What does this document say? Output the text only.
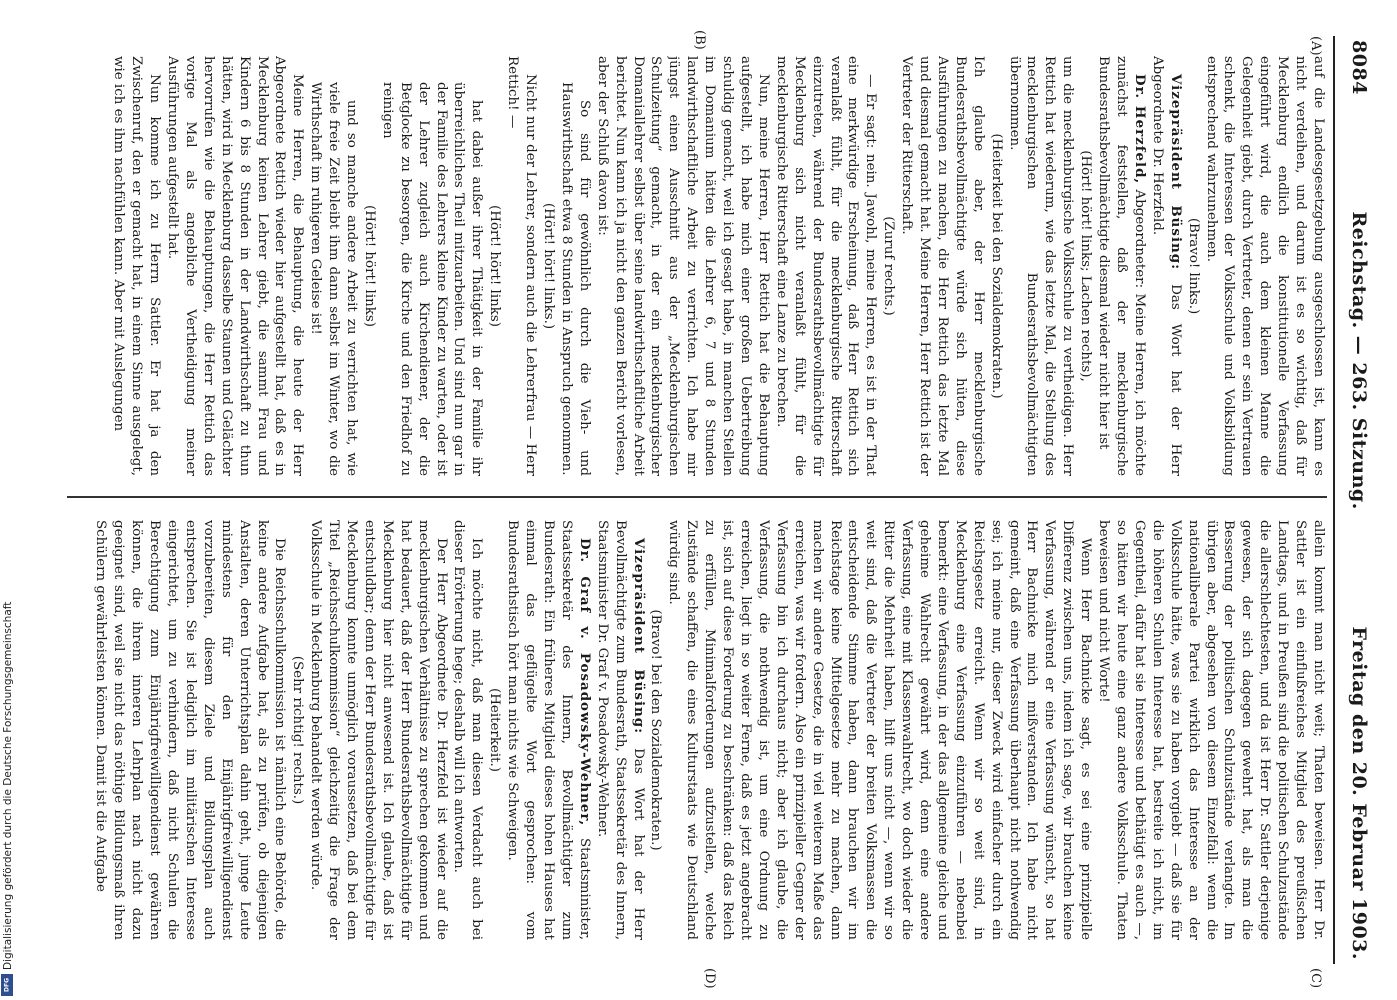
8084
Reichstag. — 263. Sitzung.
Freitag den 20. Februar 1903.
(A)
(B)
(C)
(D)

auf die Landesgesetzgebung ausgeschlossen ist, kann es nicht verdeihen, und darum ist es so wichtig, daß für Mecklenburg endlich die konstitutionelle Verfassung eingeführt wird, die auch dem kleinen Manne die Gelegenheit giebt, durch Vertreter, denen er sein Vertrauen schenkt, die Interessen der Volksschule und Volksbildung entsprechend wahrzunehmen.

(Bravo! links.)

Vizepräsident Büsing: Das Wort hat der Herr Abgeordnete Dr. Herzfeld.

Dr. Herzfeld, Abgeordneter: Meine Herren, ich möchte zunächst feststellen, daß der mecklenburgische Bundesrathsbevollmächtigte diesmal wieder nicht hier ist

(Hört! hört! links; Lachen rechts),

um die mecklenburgische Volksschule zu vertheidigen. Herr Rettich hat wiederum, wie das letzte Mal, die Stellung des mecklenburgischen Bundesrathsbevollmächtigten übernommen.

(Heiterkeit bei den Sozialdemokraten.)

Ich glaube aber, der Herr mecklenburgische Bundesrathsbevollmächtigte würde sich hüten, diese Ausführungen zu machen, die Herr Rettich das letzte Mal und diesmal gemacht hat. Meine Herren, Herr Rettich ist der Vertreter der Ritterschaft.

(Zuruf rechts.)

— Er sagt: nein. Jawohl, meine Herren, es ist in der That eine merkwürdige Erscheinung, daß Herr Rettich sich veranlaßt fühlt, für die mecklenburgische Ritterschaft einzutreten, während der Bundesrathsbevollmächtigte für Mecklenburg sich nicht veranlaßt fühlt, für die mecklenburgische Ritterschaft eine Lanze zu brechen.

Nun, meine Herren, Herr Rettich hat die Behauptung aufgestellt, ich habe mich einer großen Uebertreibung schuldig gemacht, weil ich gesagt habe, in manchen Stellen im Domanium hätten die Lehrer 6, 7 und 8 Stunden landwirthschaftliche Arbeit zu verrichten. Ich habe mir jüngst einen Ausschnitt aus der „Mecklenburgischen Schulzeitung“ gemacht, in der ein mecklenburgischer Domaniallehrer selbst über seine landwirthschaftliche Arbeit berichtet. Nun kann ich ja nicht den ganzen Bericht vorlesen, aber der Schluß davon ist:

So sind für gewöhnlich durch die Vieh- und Hauswirthschaft etwa 8 Stunden in Anspruch genommen.

(Hört! hört! links.)

Nicht nur der Lehrer, sondern auch die Lehrerfrau — Herr Rettich! —

(Hört! hört! links)

hat dabei außer ihrer Thätigkeit in der Familie ihr überreichliches Theil mitzuarbeiten. Und sind nun gar in der Familie des Lehrers kleine Kinder zu warten, oder ist der Lehrer zugleich auch Kirchendiener, der die Betglocke zu besorgen, die Kirche und den Friedhof zu reinigen

(Hört! hört! links)

und so manche andere Arbeit zu verrichten hat, wie viele freie Zeit bleibt ihm dann selbst im Winter, wo die Wirthschaft im ruhigeren Geleise ist!

Meine Herren, die Behauptung, die heute der Herr Abgeordnete Rettich wieder hier aufgestellt hat, daß es in Mecklenburg keinen Lehrer giebt, die sammt Frau und Kindern 6 bis 8 Stunden in der Landwirthschaft zu thun hätten, wird in Mecklenburg dasselbe Staunen und Gelächter hervorrufen wie die Behauptungen, die Herr Rettich das vorige Mal als angebliche Vertheidigung meiner Ausführungen aufgestellt hat.

Nun komme ich zu Herrn Sattler. Er hat ja den Zwischenruf, den er gemacht hat, in einem Sinne ausgelegt, wie ich es ihm nachfühlen kann. Aber mit Auslegungen

allein kommt man nicht weit; Thaten beweisen. Herr Dr. Sattler ist ein einflußreiches Mitglied des preußischen Landtags, und in Preußen sind die politischen Schulzustände die allerschlechtesten, und da ist Herr Dr. Sattler derjenige gewesen, der sich dagegen gewehrt hat, als man die Besserung der politischen Schulzustände verlangte. Im übrigen aber, abgesehen von diesem Einzelfall: wenn die nationalliberale Partei wirklich das Interesse an der Volksschule hätte, was sie zu haben vorgiebt — daß sie für die höheren Schulen Interesse hat, bestreite ich nicht, im Gegentheil, dafür hat sie Interesse und bethätigt es auch —, so hätten wir heute eine ganz andere Volksschule. Thaten beweisen und nicht Worte!

Wenn Herr Bachnicke sagt, es sei eine prinzipielle Differenz zwischen uns, indem ich sage, wir brauchen keine Verfassung, während er eine Verfassung wünscht, so hat Herr Bachnicke mich mißverstanden. Ich habe nicht gemeint, daß eine Verfassung überhaupt nicht nothwendig sei; ich meine nur, dieser Zweck wird einfacher durch ein Reichsgesetz erreicht. Wenn wir so weit sind, in Mecklenburg eine Verfassung einzuführen — nebenbei bemerkt: eine Verfassung, in der das allgemeine gleiche und geheime Wahlrecht gewährt wird, denn eine andere Verfassung, eine mit Klassenwahlrecht, wo doch wieder die Ritter die Mehrheit haben, hilft uns nicht —, wenn wir so weit sind, daß die Vertreter der breiten Volksmassen die entscheidende Stimme haben, dann brauchen wir im Reichstage keine Mittelgesetze mehr zu machen, dann machen wir andere Gesetze, die in viel weiterem Maße das erreichen, was wir fordern. Also ein prinzipieller Gegner der Verfassung bin ich durchaus nicht; aber ich glaube, die Verfassung, die nothwendig ist, um eine Ordnung zu erreichen, liegt in so weiter Ferne, daß es jetzt angebracht ist, sich auf diese Forderung zu beschränken: daß das Reich zu erfüllen, Minimalforderungen aufzustellen, welche Zustände schaffen, die eines Kulturstaats wie Deutschland würdig sind.

(Bravo! bei den Sozialdemokraten.)

Vizepräsident Büsing: Das Wort hat der Herr Bevollmächtigte zum Bundesrath, Staatssekretär des Innern, Staatsminister Dr. Graf v. Posadowsky-Wehner.

Dr. Graf v. Posadowsky-Wehner, Staatsminister, Staatssekretär des Innern, Bevollmächtigter zum Bundesrath: Ein früheres Mitglied dieses hohen Hauses hat einmal das geflügelte Wort gesprochen: vom Bundesrathstisch hört man nichts wie Schweigen.

(Heiterkeit.)

Ich möchte nicht, daß man diesen Verdacht auch bei dieser Erörterung hege; deshalb will ich antworten.

Der Herr Abgeordnete Dr. Herzfeld ist wieder auf die mecklenburgischen Verhältnisse zu sprechen gekommen und hat bedauert, daß der Herr Bundesrathsbevollmächtigte für Mecklenburg hier nicht anwesend ist. Ich glaube, daß ist entschuldbar; denn der Herr Bundesrathsbevollmächtigte für Mecklenburg konnte unmöglich voraussetzen, daß bei dem Titel „Reichsschulkommission“ gleichzeitig die Frage der Volksschule in Mecklenburg behandelt werden würde.

(Sehr richtig! rechts.)

Die Reichsschulkommission ist nämlich eine Behörde, die keine andere Aufgabe hat, als zu prüfen, ob diejenigen Anstalten, deren Unterrichtsplan dahin geht, junge Leute mindestens für den Einjährigfreiwilligendienst vorzubereiten, diesem Ziele und Bildungsplan auch entsprechen. Sie ist lediglich im militärischen Interesse eingerichtet, um zu verhindern, daß nicht Schulen die Berechtigung zum Einjährigfreiwilligendienst gewähren können, die ihrem inneren Lehrplan nach nicht dazu geeignet sind, weil sie nicht das nöthige Bildungsmaß ihren Schülern gewährleisten können. Damit ist die Aufgabe

Digitalisierung gefördert durch die Deutsche Forschungsgemeinschaft
DFG
